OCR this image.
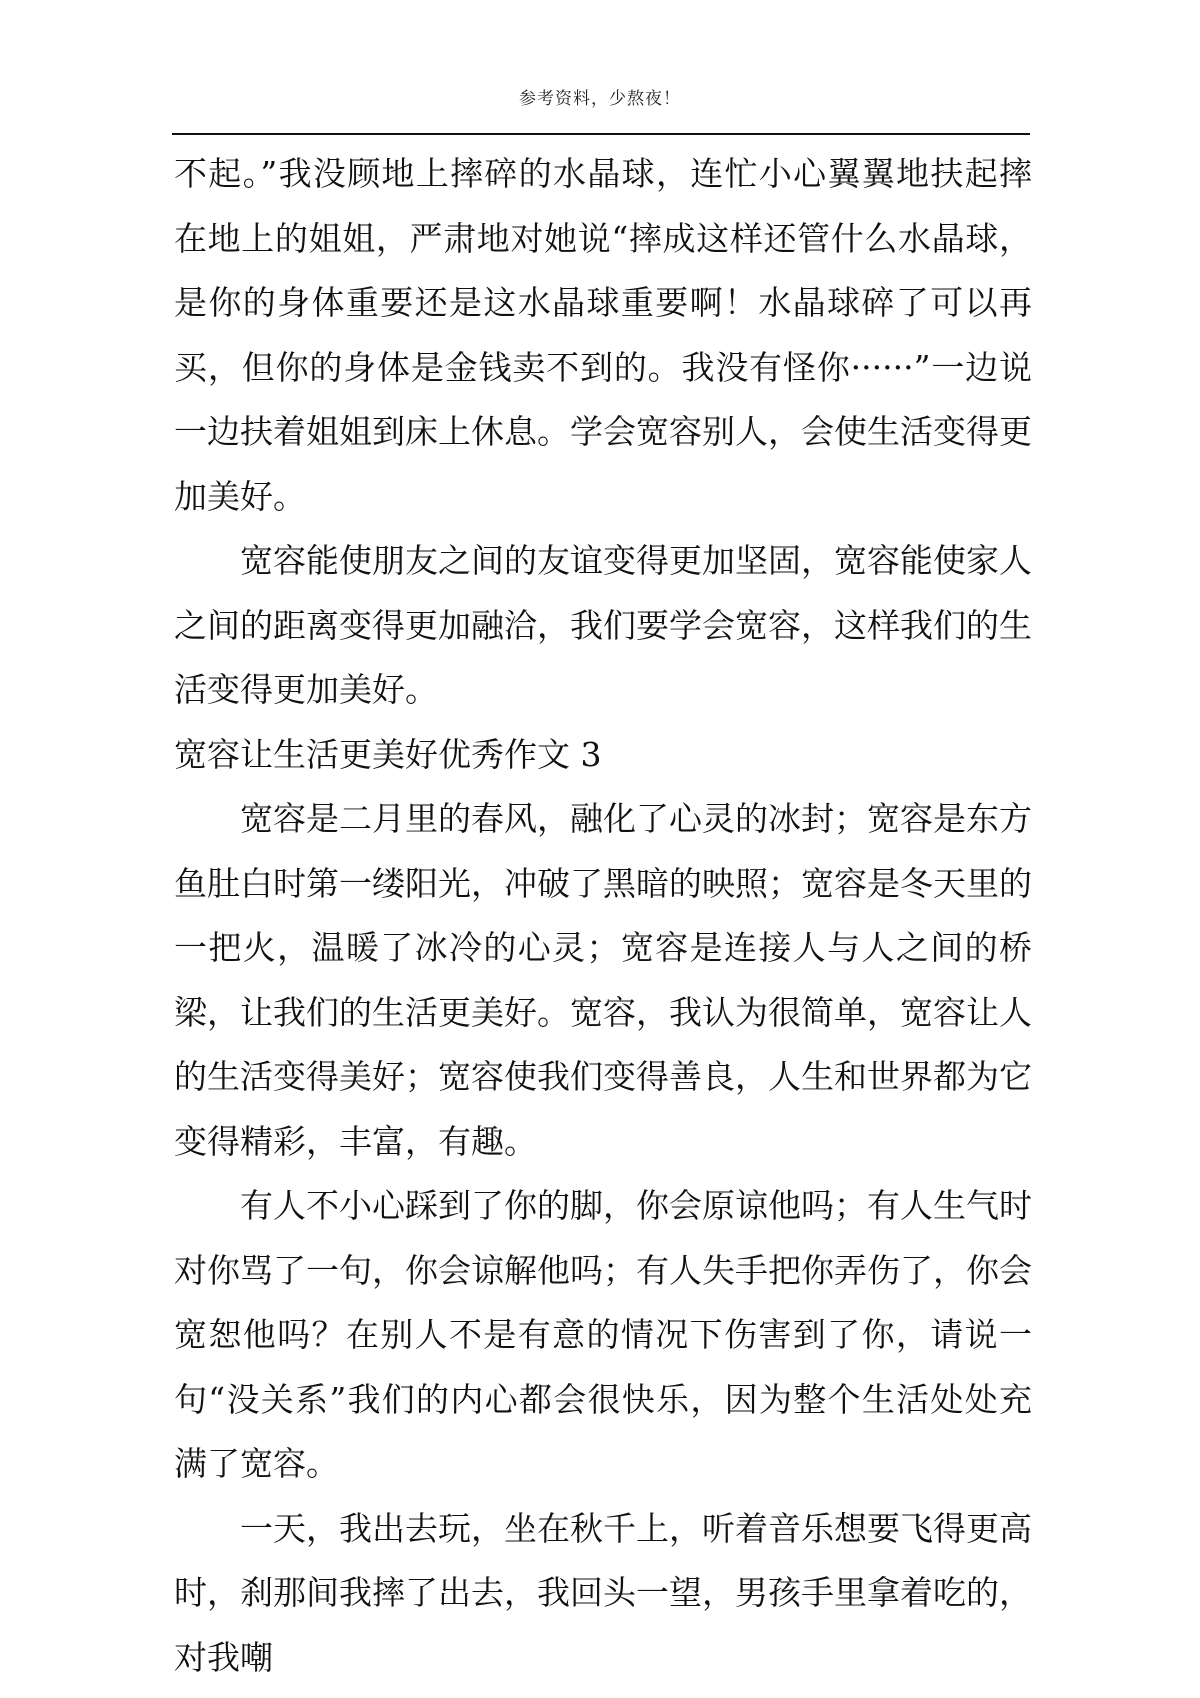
参考资料，少熬夜！

不起。”我没顾地上摔碎的水晶球，连忙小心翼翼地扶起摔在地上的姐姐，严肃地对她说“摔成这样还管什么水晶球，是你的身体重要还是这水晶球重要啊！水晶球碎了可以再买，但你的身体是金钱卖不到的。我没有怪你······”一边说一边扶着姐姐到床上休息。学会宽容别人，会使生活变得更加美好。

宽容能使朋友之间的友谊变得更加坚固，宽容能使家人之间的距离变得更加融洽，我们要学会宽容，这样我们的生活变得更加美好。

宽容让生活更美好优秀作文 3

宽容是二月里的春风，融化了心灵的冰封；宽容是东方鱼肚白时第一缕阳光，冲破了黑暗的映照；宽容是冬天里的一把火，温暖了冰冷的心灵；宽容是连接人与人之间的桥梁，让我们的生活更美好。宽容，我认为很简单，宽容让人的生活变得美好；宽容使我们变得善良，人生和世界都为它变得精彩，丰富，有趣。

有人不小心踩到了你的脚，你会原谅他吗；有人生气时对你骂了一句，你会谅解他吗；有人失手把你弄伤了，你会宽恕他吗？在别人不是有意的情况下伤害到了你，请说一句“没关系”我们的内心都会很快乐，因为整个生活处处充满了宽容。

一天，我出去玩，坐在秋千上，听着音乐想要飞得更高时，刹那间我摔了出去，我回头一望，男孩手里拿着吃的，对我嘲
